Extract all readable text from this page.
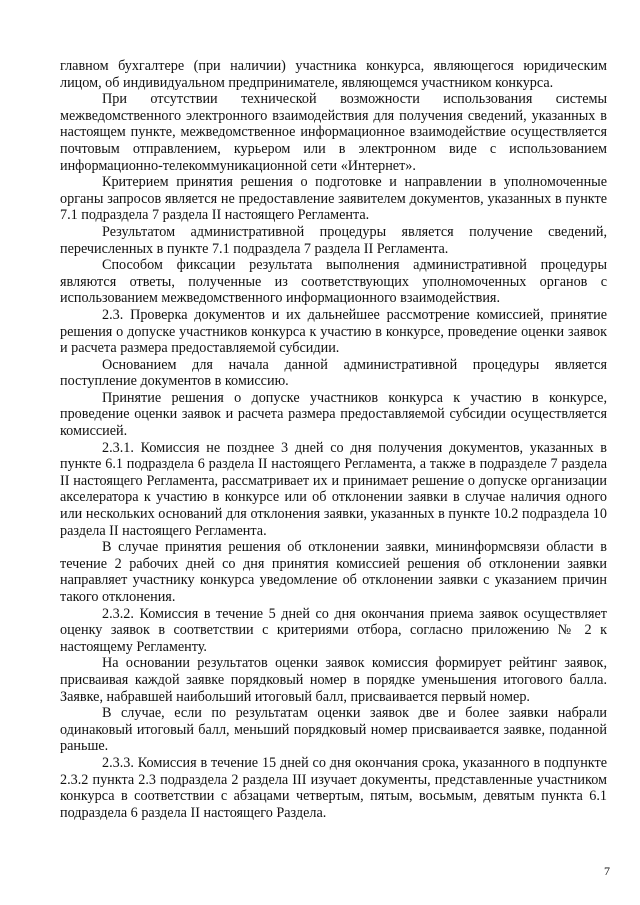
главном бухгалтере (при наличии) участника конкурса, являющегося юридическим лицом, об индивидуальном предпринимателе, являющемся участником конкурса.

При отсутствии технической возможности использования системы межведомственного электронного взаимодействия для получения сведений, указанных в настоящем пункте, межведомственное информационное взаимодействие осуществляется почтовым отправлением, курьером или в электронном виде с использованием информационно-телекоммуникационной сети «Интернет».

Критерием принятия решения о подготовке и направлении в уполномоченные органы запросов является не предоставление заявителем документов, указанных в пункте 7.1 подраздела 7 раздела II настоящего Регламента.

Результатом административной процедуры является получение сведений, перечисленных в пункте 7.1 подраздела 7 раздела II Регламента.

Способом фиксации результата выполнения административной процедуры являются ответы, полученные из соответствующих уполномоченных органов с использованием межведомственного информационного взаимодействия.

2.3. Проверка документов и их дальнейшее рассмотрение комиссией, принятие решения о допуске участников конкурса к участию в конкурсе, проведение оценки заявок и расчета размера предоставляемой субсидии.

Основанием для начала данной административной процедуры является поступление документов в комиссию.

Принятие решения о допуске участников конкурса к участию в конкурсе, проведение оценки заявок и расчета размера предоставляемой субсидии осуществляется комиссией.

2.3.1. Комиссия не позднее 3 дней со дня получения документов, указанных в пункте 6.1 подраздела 6 раздела II настоящего Регламента, а также в подразделе 7 раздела II настоящего Регламента, рассматривает их и принимает решение о допуске организации акселератора к участию в конкурсе или об отклонении заявки в случае наличия одного или нескольких оснований для отклонения заявки, указанных в пункте 10.2 подраздела 10 раздела II настоящего Регламента.

В случае принятия решения об отклонении заявки, мининформсвязи области в течение 2 рабочих дней со дня принятия комиссией решения об отклонении заявки направляет участнику конкурса уведомление об отклонении заявки с указанием причин такого отклонения.

2.3.2. Комиссия в течение 5 дней со дня окончания приема заявок осуществляет оценку заявок в соответствии с критериями отбора, согласно приложению № 2 к настоящему Регламенту.

На основании результатов оценки заявок комиссия формирует рейтинг заявок, присваивая каждой заявке порядковый номер в порядке уменьшения итогового балла. Заявке, набравшей наибольший итоговый балл, присваивается первый номер.

В случае, если по результатам оценки заявок две и более заявки набрали одинаковый итоговый балл, меньший порядковый номер присваивается заявке, поданной раньше.

2.3.3. Комиссия в течение 15 дней со дня окончания срока, указанного в подпункте 2.3.2 пункта 2.3 подраздела 2 раздела III изучает документы, представленные участником конкурса в соответствии с абзацами четвертым, пятым, восьмым, девятым пункта 6.1 подраздела 6 раздела II настоящего Раздела.

7
